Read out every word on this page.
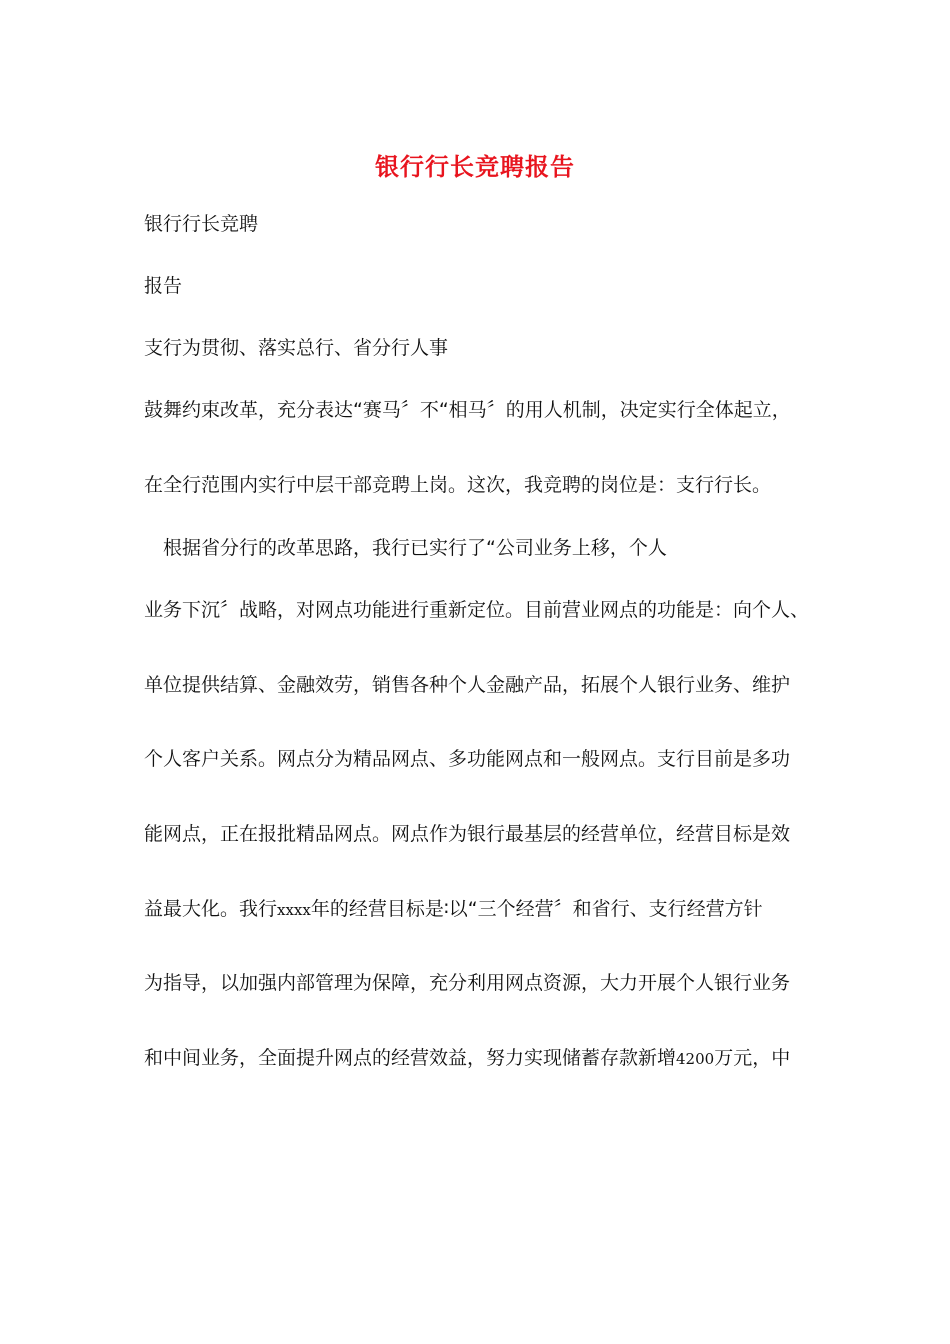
银行行长竞聘报告
银行行长竞聘
报告
支行为贯彻、落实总行、省分行人事
鼓舞约束改革，充分表达“赛马〞不“相马〞的用人机制，决定实行全体起立，
在全行范围内实行中层干部竞聘上岗。这次，我竞聘的岗位是：支行行长。
根据省分行的改革思路，我行已实行了“公司业务上移，个人
业务下沉〞战略，对网点功能进行重新定位。目前营业网点的功能是：向个人、
单位提供结算、金融效劳，销售各种个人金融产品，拓展个人银行业务、维护
个人客户关系。网点分为精品网点、多功能网点和一般网点。支行目前是多功
能网点，正在报批精品网点。网点作为银行最基层的经营单位，经营目标是效
益最大化。我行xxxx年的经营目标是∶以“三个经营〞和省行、支行经营方针
为指导，以加强内部管理为保障，充分利用网点资源，大力开展个人银行业务
和中间业务，全面提升网点的经营效益，努力实现储蓄存款新增4200万元，中
